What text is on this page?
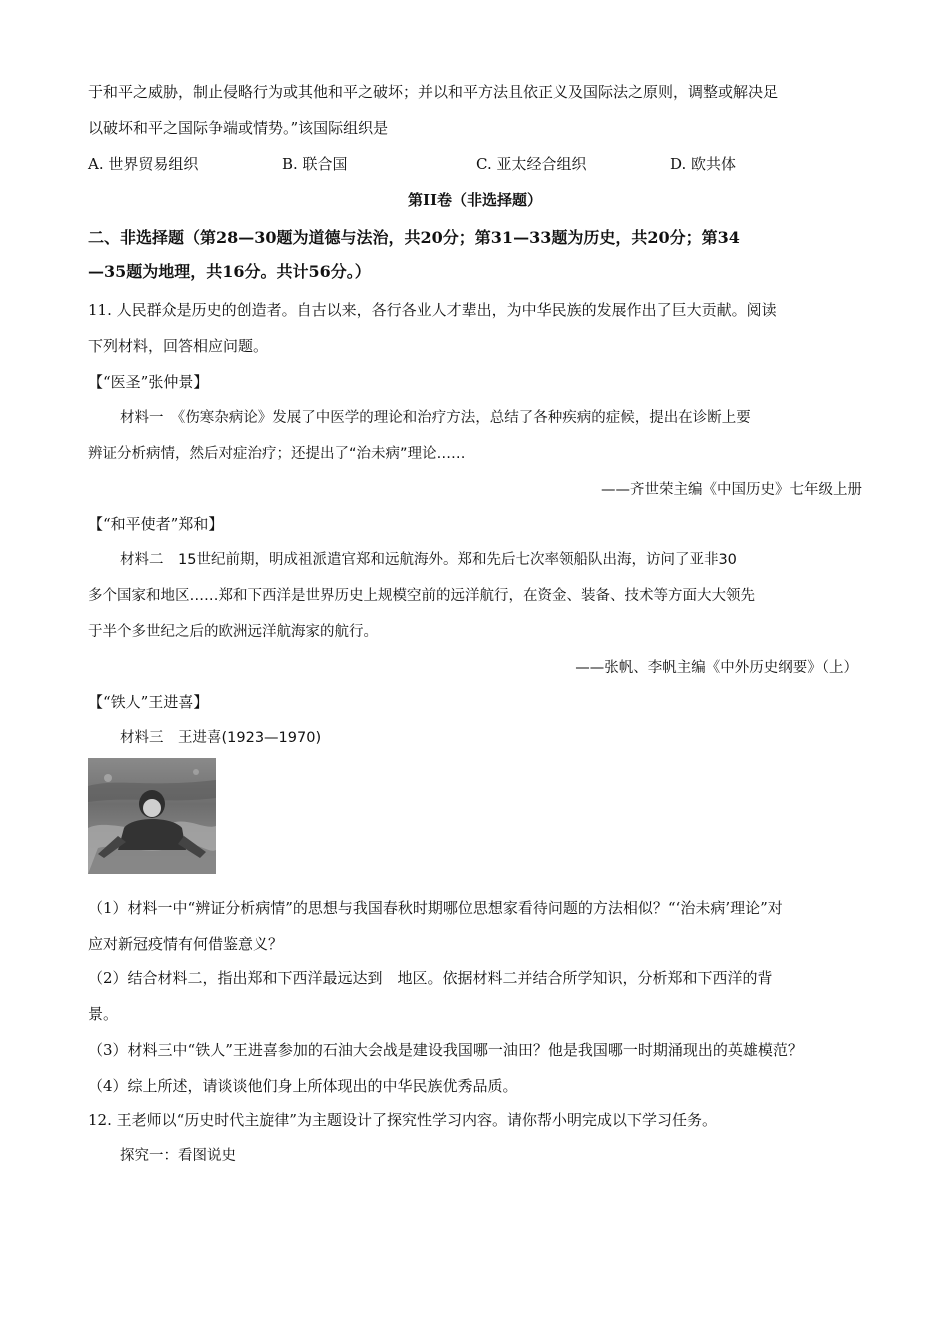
于和平之威胁，制止侵略行为或其他和平之破坏；并以和平方法且依正义及国际法之原则，调整或解决足
以破坏和平之国际争端或情势。”该国际组织是
A. 世界贸易组织	B. 联合国	C. 亚太经合组织	D. 欧共体
第II卷（非选择题）
二、非选择题（第28—30题为道德与法治，共20分；第31—33题为历史，共20分；第34
—35题为地理，共16分。共计56分。）
11. 人民群众是历史的创造者。自古以来，各行各业人才辈出，为中华民族的发展作出了巨大贡献。阅读
下列材料，回答相应问题。
【“医圣”张仲景】
材料一　《伤寒杂病论》发展了中医学的理论和治疗方法，总结了各种疾病的症候，提出在诊断上要
辨证分析病情，然后对症治疗；还提出了“治未病”理论……
——齐世荣主编《中国历史》七年级上册
【“和平使者”郑和】
材料二　15世纪前期，明成祖派遣官郑和远航海外。郑和先后七次率领船队出海，访问了亚非30
多个国家和地区……郑和下西洋是世界历史上规模空前的远洋航行，在资金、装备、技术等方面大大领先
于半个多世纪之后的欧洲远洋航海家的航行。
——张帆、李帆主编《中外历史纲要》（上）
【“铁人”王进喜】
材料三　王进喜(1923—1970)
（1）材料一中“辨证分析病情”的思想与我国春秋时期哪位思想家看待问题的方法相似？“‘治未病’理论”对
应对新冠疫情有何借鉴意义？
（2）结合材料二，指出郑和下西洋最远达到　地区。依据材料二并结合所学知识，分析郑和下西洋的背
景。
（3）材料三中“铁人”王进喜参加的石油大会战是建设我国哪一油田？他是我国哪一时期涌现出的英雄模范？
（4）综上所述，请谈谈他们身上所体现出的中华民族优秀品质。
12. 王老师以“历史时代主旋律”为主题设计了探究性学习内容。请你帮小明完成以下学习任务。
探究一：看图说史
